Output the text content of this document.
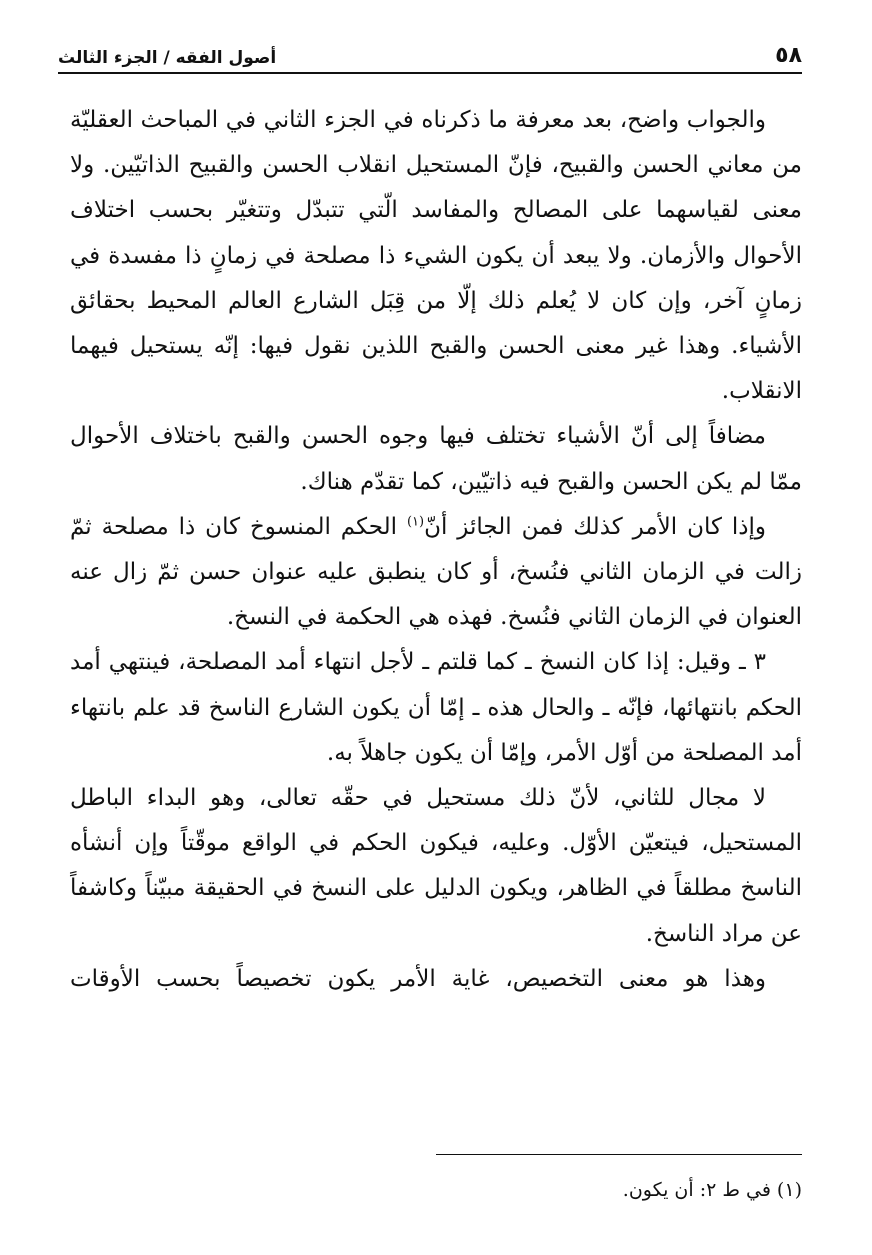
٥٨
أصول الفقه / الجزء الثالث

والجواب واضح، بعد معرفة ما ذكرناه في الجزء الثاني في المباحث العقليّة من معاني الحسن والقبيح، فإنّ المستحيل انقلاب الحسن والقبيح الذاتيّين. ولا معنى لقياسهما على المصالح والمفاسد الّتي تتبدّل وتتغيّر بحسب اختلاف الأحوال والأزمان. ولا يبعد أن يكون الشيء ذا مصلحة في زمانٍ ذا مفسدة في زمانٍ آخر، وإن كان لا يُعلم ذلك إلّا من قِبَل الشارع العالم المحيط بحقائق الأشياء. وهذا غير معنى الحسن والقبح اللذين نقول فيها: إنّه يستحيل فيهما الانقلاب.

مضافاً إلى أنّ الأشياء تختلف فيها وجوه الحسن والقبح باختلاف الأحوال ممّا لم يكن الحسن والقبح فيه ذاتيّين، كما تقدّم هناك.

وإذا كان الأمر كذلك فمن الجائز أنّ$^{(١)}$ الحكم المنسوخ كان ذا مصلحة ثمّ زالت في الزمان الثاني فنُسخ، أو كان ينطبق عليه عنوان حسن ثمّ زال عنه العنوان في الزمان الثاني فنُسخ. فهذه هي الحكمة في النسخ.

٣ ـ وقيل: إذا كان النسخ ـ كما قلتم ـ لأجل انتهاء أمد المصلحة، فينتهي أمد الحكم بانتهائها، فإنّه ـ والحال هذه ـ إمّا أن يكون الشارع الناسخ قد علم بانتهاء أمد المصلحة من أوّل الأمر، وإمّا أن يكون جاهلاً به.

لا مجال للثاني، لأنّ ذلك مستحيل في حقّه تعالى، وهو البداء الباطل المستحيل، فيتعيّن الأوّل. وعليه، فيكون الحكم في الواقع موقّتاً وإن أنشأه الناسخ مطلقاً في الظاهر، ويكون الدليل على النسخ في الحقيقة مبيّناً وكاشفاً عن مراد الناسخ.

وهذا هو معنى التخصيص، غاية الأمر يكون تخصيصاً بحسب الأوقات

(١) في ط ٢: أن يكون.
